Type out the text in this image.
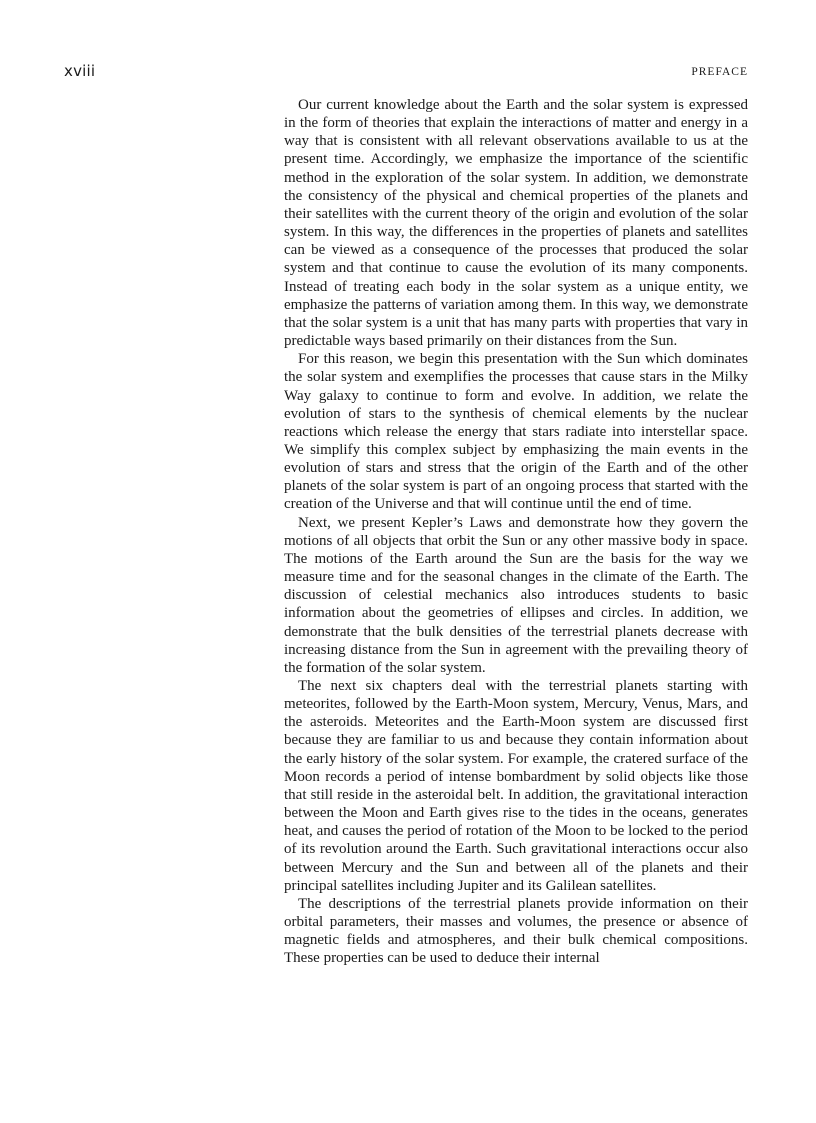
xviii	PREFACE

Our current knowledge about the Earth and the solar system is expressed in the form of theories that explain the interactions of matter and energy in a way that is consistent with all relevant observations available to us at the present time. Accordingly, we emphasize the importance of the scientific method in the exploration of the solar system. In addition, we demonstrate the consistency of the physical and chemical properties of the planets and their satellites with the current theory of the origin and evolution of the solar system. In this way, the differences in the properties of planets and satellites can be viewed as a consequence of the processes that produced the solar system and that continue to cause the evolution of its many components. Instead of treating each body in the solar system as a unique entity, we emphasize the patterns of variation among them. In this way, we demonstrate that the solar system is a unit that has many parts with properties that vary in predictable ways based primarily on their distances from the Sun.

For this reason, we begin this presentation with the Sun which dominates the solar system and exemplifies the processes that cause stars in the Milky Way galaxy to continue to form and evolve. In addition, we relate the evolution of stars to the synthesis of chemical elements by the nuclear reactions which release the energy that stars radiate into interstellar space. We simplify this complex subject by emphasizing the main events in the evolution of stars and stress that the origin of the Earth and of the other planets of the solar system is part of an ongoing process that started with the creation of the Universe and that will continue until the end of time.

Next, we present Kepler’s Laws and demonstrate how they govern the motions of all objects that orbit the Sun or any other massive body in space. The motions of the Earth around the Sun are the basis for the way we measure time and for the seasonal changes in the climate of the Earth. The discussion of celestial mechanics also introduces students to basic information about the geometries of ellipses and circles. In addition, we demonstrate that the bulk densities of the terrestrial planets decrease with increasing distance from the Sun in agreement with the prevailing theory of the formation of the solar system.

The next six chapters deal with the terrestrial planets starting with meteorites, followed by the Earth-Moon system, Mercury, Venus, Mars, and the asteroids. Meteorites and the Earth-Moon system are discussed first because they are familiar to us and because they contain information about the early history of the solar system. For example, the cratered surface of the Moon records a period of intense bombardment by solid objects like those that still reside in the asteroidal belt. In addition, the gravitational interaction between the Moon and Earth gives rise to the tides in the oceans, generates heat, and causes the period of rotation of the Moon to be locked to the period of its revolution around the Earth. Such gravitational interactions occur also between Mercury and the Sun and between all of the planets and their principal satellites including Jupiter and its Galilean satellites.

The descriptions of the terrestrial planets provide information on their orbital parameters, their masses and volumes, the presence or absence of magnetic fields and atmospheres, and their bulk chemical compositions. These properties can be used to deduce their internal
